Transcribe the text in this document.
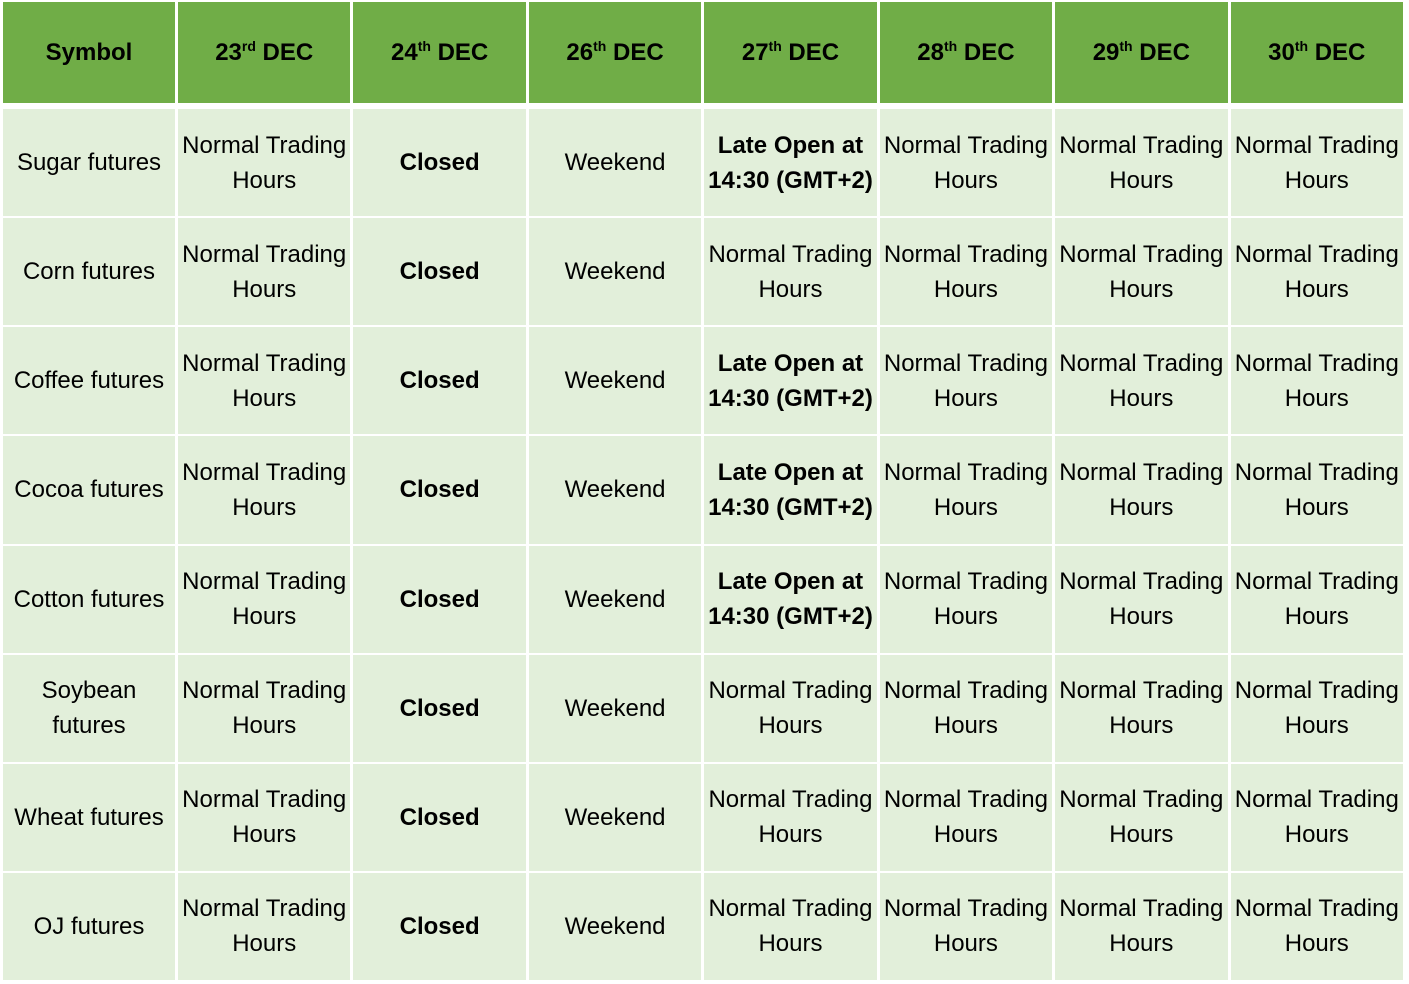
Symbol	23rd DEC	24th DEC	26th DEC	27th DEC	28th DEC	29th DEC	30th DEC

Sugar futures	Normal Trading Hours	Closed	Weekend	Late Open at 14:30 (GMT+2)	Normal Trading Hours	Normal Trading Hours	Normal Trading Hours
Corn futures	Normal Trading Hours	Closed	Weekend	Normal Trading Hours	Normal Trading Hours	Normal Trading Hours	Normal Trading Hours
Coffee futures	Normal Trading Hours	Closed	Weekend	Late Open at 14:30 (GMT+2)	Normal Trading Hours	Normal Trading Hours	Normal Trading Hours
Cocoa futures	Normal Trading Hours	Closed	Weekend	Late Open at 14:30 (GMT+2)	Normal Trading Hours	Normal Trading Hours	Normal Trading Hours
Cotton futures	Normal Trading Hours	Closed	Weekend	Late Open at 14:30 (GMT+2)	Normal Trading Hours	Normal Trading Hours	Normal Trading Hours
Soybean futures	Normal Trading Hours	Closed	Weekend	Normal Trading Hours	Normal Trading Hours	Normal Trading Hours	Normal Trading Hours
Wheat futures	Normal Trading Hours	Closed	Weekend	Normal Trading Hours	Normal Trading Hours	Normal Trading Hours	Normal Trading Hours
OJ futures	Normal Trading Hours	Closed	Weekend	Normal Trading Hours	Normal Trading Hours	Normal Trading Hours	Normal Trading Hours
